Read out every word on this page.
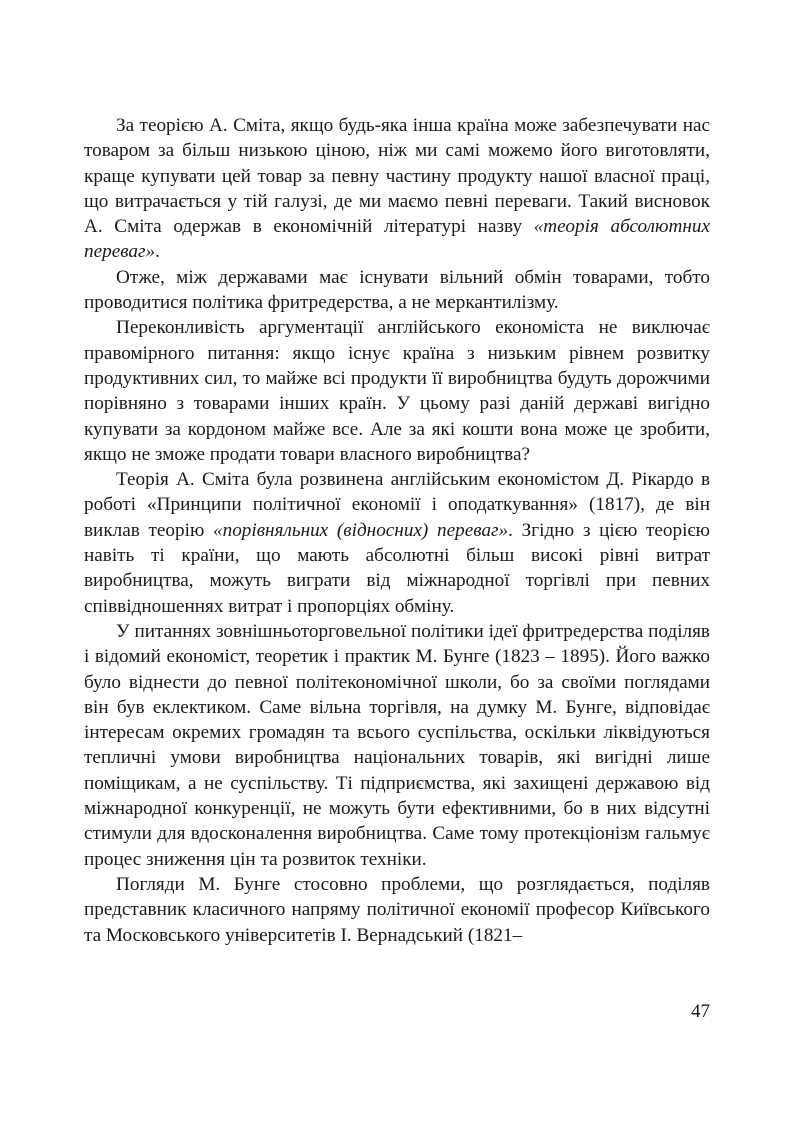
За теорією А. Сміта, якщо будь-яка інша країна може забезпечувати нас товаром за більш низькою ціною, ніж ми самі можемо його виготовляти, краще купувати цей товар за певну частину продукту нашої власної праці, що витрачається у тій галузі, де ми маємо певні переваги. Такий висновок А. Сміта одержав в економічній літературі назву «теорія абсолютних переваг».

Отже, між державами має існувати вільний обмін товарами, тобто проводитися політика фритредерства, а не меркантилізму.

Переконливість аргументації англійського економіста не виключає правомірного питання: якщо існує країна з низьким рівнем розвитку продуктивних сил, то майже всі продукти її виробництва будуть дорожчими порівняно з товарами інших країн. У цьому разі даній державі вигідно купувати за кордоном майже все. Але за які кошти вона може це зробити, якщо не зможе продати товари власного виробництва?

Теорія А. Сміта була розвинена англійським економістом Д. Рікардо в роботі «Принципи політичної економії і оподаткування» (1817), де він виклав теорію «порівняльних (відносних) переваг». Згідно з цією теорією навіть ті країни, що мають абсолютні більш високі рівні витрат виробництва, можуть виграти від міжнародної торгівлі при певних співвідношеннях витрат і пропорціях обміну.

У питаннях зовнішньоторговельної політики ідеї фритредерства поділяв і відомий економіст, теоретик і практик М. Бунге (1823 – 1895). Його важко було віднести до певної політекономічної школи, бо за своїми поглядами він був еклектиком. Саме вільна торгівля, на думку М. Бунге, відповідає інтересам окремих громадян та всього суспільства, оскільки ліквідуються тепличні умови виробництва національних товарів, які вигідні лише поміщикам, а не суспільству. Ті підприємства, які захищені державою від міжнародної конкуренції, не можуть бути ефективними, бо в них відсутні стимули для вдосконалення виробництва. Саме тому протекціонізм гальмує процес зниження цін та розвиток техніки.

Погляди М. Бунге стосовно проблеми, що розглядається, поділяв представник класичного напряму політичної економії професор Київського та Московського університетів І. Вернадський (1821–

47
